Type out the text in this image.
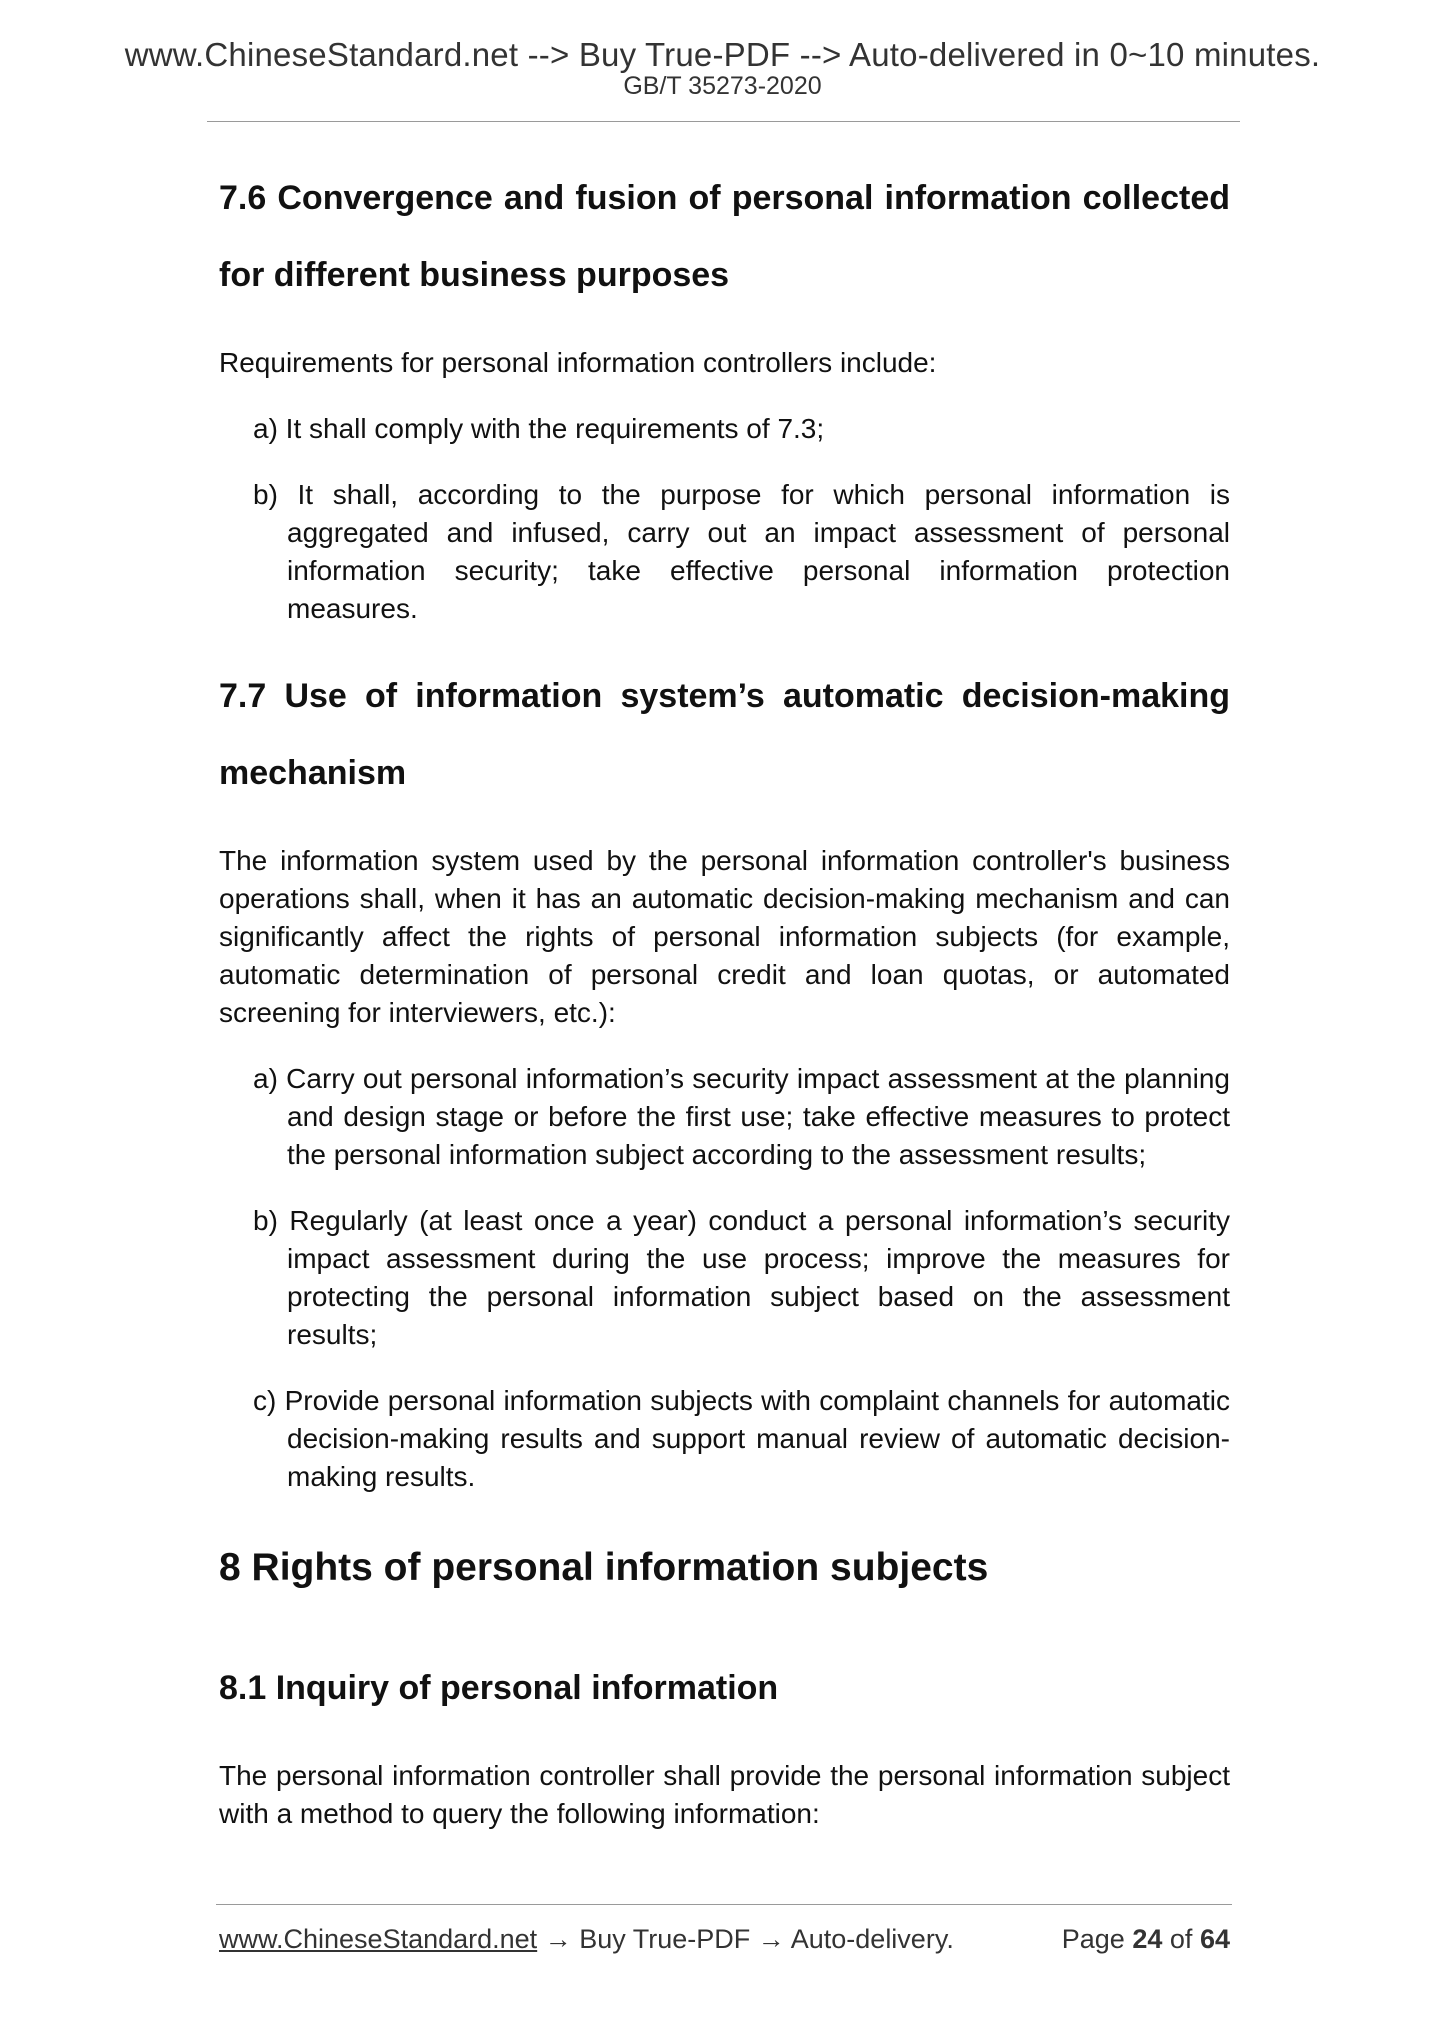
www.ChineseStandard.net --> Buy True-PDF --> Auto-delivered in 0~10 minutes.
GB/T 35273-2020
7.6 Convergence and fusion of personal information collected for different business purposes

Requirements for personal information controllers include:

a) It shall comply with the requirements of 7.3;

b) It shall, according to the purpose for which personal information is aggregated and infused, carry out an impact assessment of personal information security; take effective personal information protection measures.

7.7 Use of information system’s automatic decision-making mechanism

The information system used by the personal information controller's business operations shall, when it has an automatic decision-making mechanism and can significantly affect the rights of personal information subjects (for example, automatic determination of personal credit and loan quotas, or automated screening for interviewers, etc.):

a) Carry out personal information’s security impact assessment at the planning and design stage or before the first use; take effective measures to protect the personal information subject according to the assessment results;

b) Regularly (at least once a year) conduct a personal information’s security impact assessment during the use process; improve the measures for protecting the personal information subject based on the assessment results;

c) Provide personal information subjects with complaint channels for automatic decision-making results and support manual review of automatic decision-making results.

8 Rights of personal information subjects
8.1 Inquiry of personal information

The personal information controller shall provide the personal information subject with a method to query the following information:

www.ChineseStandard.net → Buy True-PDF → Auto-delivery.	Page 24 of 64
